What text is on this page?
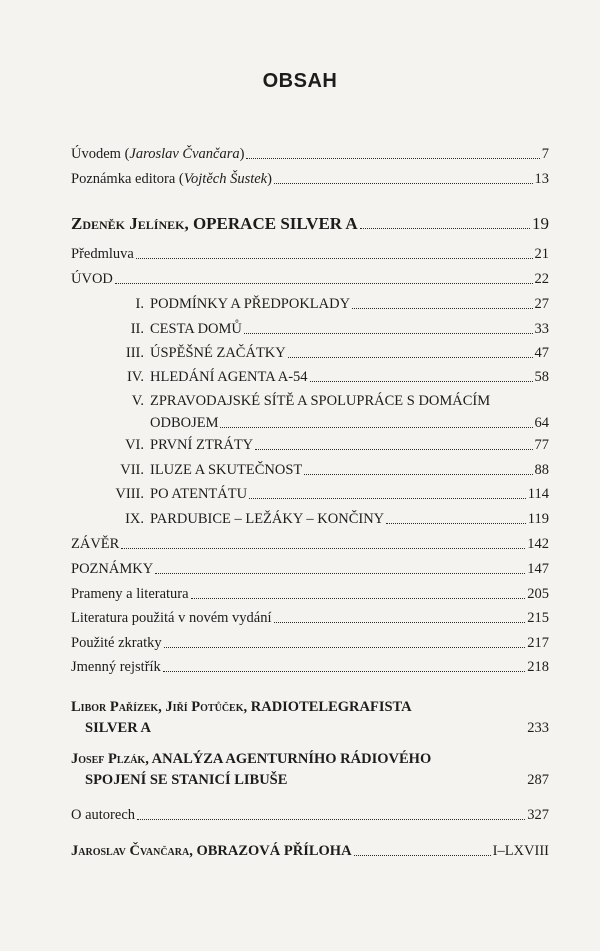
OBSAH
Úvodem (Jaroslav Čvančara)	7
Poznámka editora (Vojtěch Šustek)	13
Zdeněk Jelínek, OPERACE SILVER A	19
Předmluva	21
ÚVOD	22
I. PODMÍNKY A PŘEDPOKLADY	27
II. CESTA DOMŮ	33
III. ÚSPĚŠNÉ ZAČÁTKY	47
IV. HLEDÁNÍ AGENTA A-54	58
V. ZPRAVODAJSKÉ SÍTĚ A SPOLUPRÁCE S DOMÁCÍM
ODBOJEM	64
VI. PRVNÍ ZTRÁTY	77
VII. ILUZE A SKUTEČNOST	88
VIII. PO ATENTÁTU	114
IX. PARDUBICE – LEŽÁKY – KONČINY	119
ZÁVĚR	142
POZNÁMKY	147
Prameny a literatura	205
Literatura použitá v novém vydání	215
Použité zkratky	217
Jmenný rejstřík	218
Libor Pařízek, Jiří Potůček, RADIOTELEGRAFISTA
SILVER A	233
Josef Plzák, ANALÝZA AGENTURNÍHO RÁDIOVÉHO
SPOJENÍ SE STANICÍ LIBUŠE	287
O autorech	327
Jaroslav Čvančara, OBRAZOVÁ PŘÍLOHA	I–LXVIII
